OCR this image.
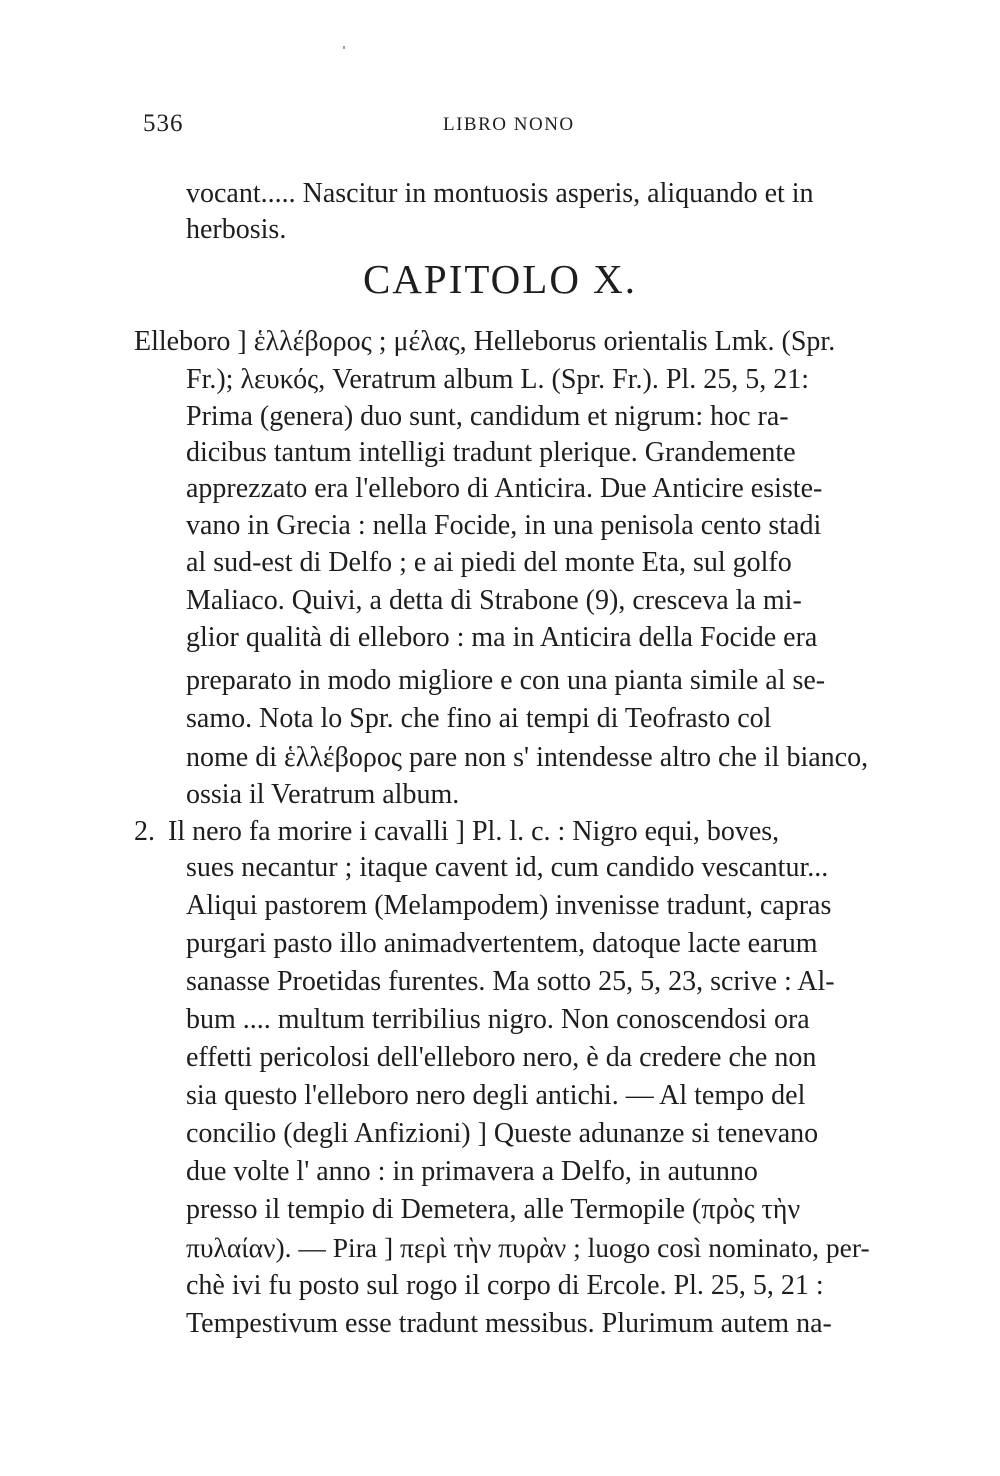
536	LIBRO NONO
vocant..... Nascitur in montuosis asperis, aliquando et in
herbosis.
CAPITOLO X.
Elleboro ] ἑλλέβορος ; μέλας, Helleborus orientalis Lmk. (Spr.
Fr.); λευκός, Veratrum album L. (Spr. Fr.). Pl. 25, 5, 21:
Prima (genera) duo sunt, candidum et nigrum: hoc ra-
dicibus tantum intelligi tradunt plerique. Grandemente
apprezzato era l'elleboro di Anticira. Due Anticire esiste-
vano in Grecia : nella Focide, in una penisola cento stadi
al sud-est di Delfo ; e ai piedi del monte Eta, sul golfo
Maliaco. Quivi, a detta di Strabone (9), cresceva la mi-
glior qualità di elleboro : ma in Anticira della Focide era
preparato in modo migliore e con una pianta simile al se-
samo. Nota lo Spr. che fino ai tempi di Teofrasto col
nome di ἑλλέβορος pare non s' intendesse altro che il bianco,
ossia il Veratrum album.
2. Il nero fa morire i cavalli ] Pl. l. c. : Nigro equi, boves,
sues necantur ; itaque cavent id, cum candido vescantur...
Aliqui pastorem (Melampodem) invenisse tradunt, capras
purgari pasto illo animadvertentem, datoque lacte earum
sanasse Proetidas furentes. Ma sotto 25, 5, 23, scrive : Al-
bum .... multum terribilius nigro. Non conoscendosi ora
effetti pericolosi dell'elleboro nero, è da credere che non
sia questo l'elleboro nero degli antichi. — Al tempo del
concilio (degli Anfizioni) ] Queste adunanze si tenevano
due volte l' anno : in primavera a Delfo, in autunno
presso il tempio di Demetera, alle Termopile (πρὸς τὴν
πυλαίαν). — Pira ] περὶ τὴν πυρὰν ; luogo così nominato, per-
chè ivi fu posto sul rogo il corpo di Ercole. Pl. 25, 5, 21 :
Tempestivum esse tradunt messibus. Plurimum autem na-
